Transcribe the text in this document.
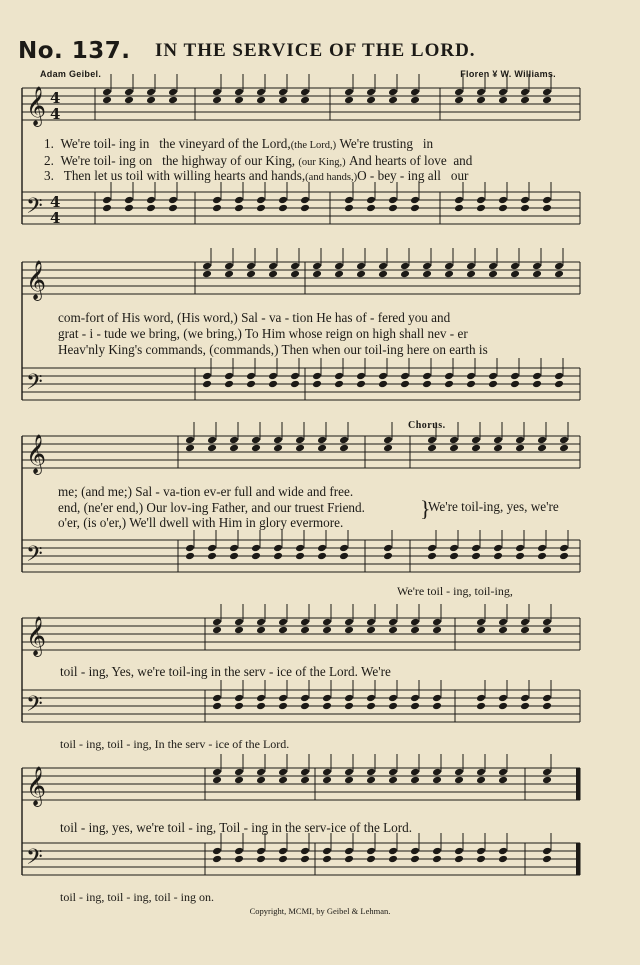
No. 137. IN THE SERVICE OF THE LORD.
Adam Geibel.	Floren ¥ W. Williams.
𝄞 4
4
𝄢 4
4
𝄞
𝄢
𝄞
𝄢
𝄞
𝄢
𝄞
𝄢
1. We're toil- ing in the vineyard of the Lord,(the Lord,) We're trusting in
2. We're toil- ing on the highway of our King, (our King,) And hearts of love and
3. Then let us toil with willing hearts and hands,(and hands,)O - bey - ing all our
com-fort of His word, (His word,) Sal - va - tion He has of - fered you and
grat - i - tude we bring, (we bring,) To Him whose reign on high shall nev - er
Heav'nly King's commands, (commands,) Then when our toil-ing here on earth is
Chorus.
me; (and me;) Sal - va-tion ev-er full and wide and free.
end, (ne'er end,) Our lov-ing Father, and our truest Friend.
o'er, (is o'er,) We'll dwell with Him in glory evermore.
}
We're toil-ing, yes, we're
We're toil - ing, toil-ing,
toil - ing, Yes, we're toil-ing in the serv - ice of the Lord. We're
toil - ing, toil - ing, In the serv - ice of the Lord.
toil - ing, yes, we're toil - ing, Toil - ing in the serv-ice of the Lord.
toil - ing, toil - ing, toil - ing on.
Copyright, MCMI, by Geibel & Lehman.
